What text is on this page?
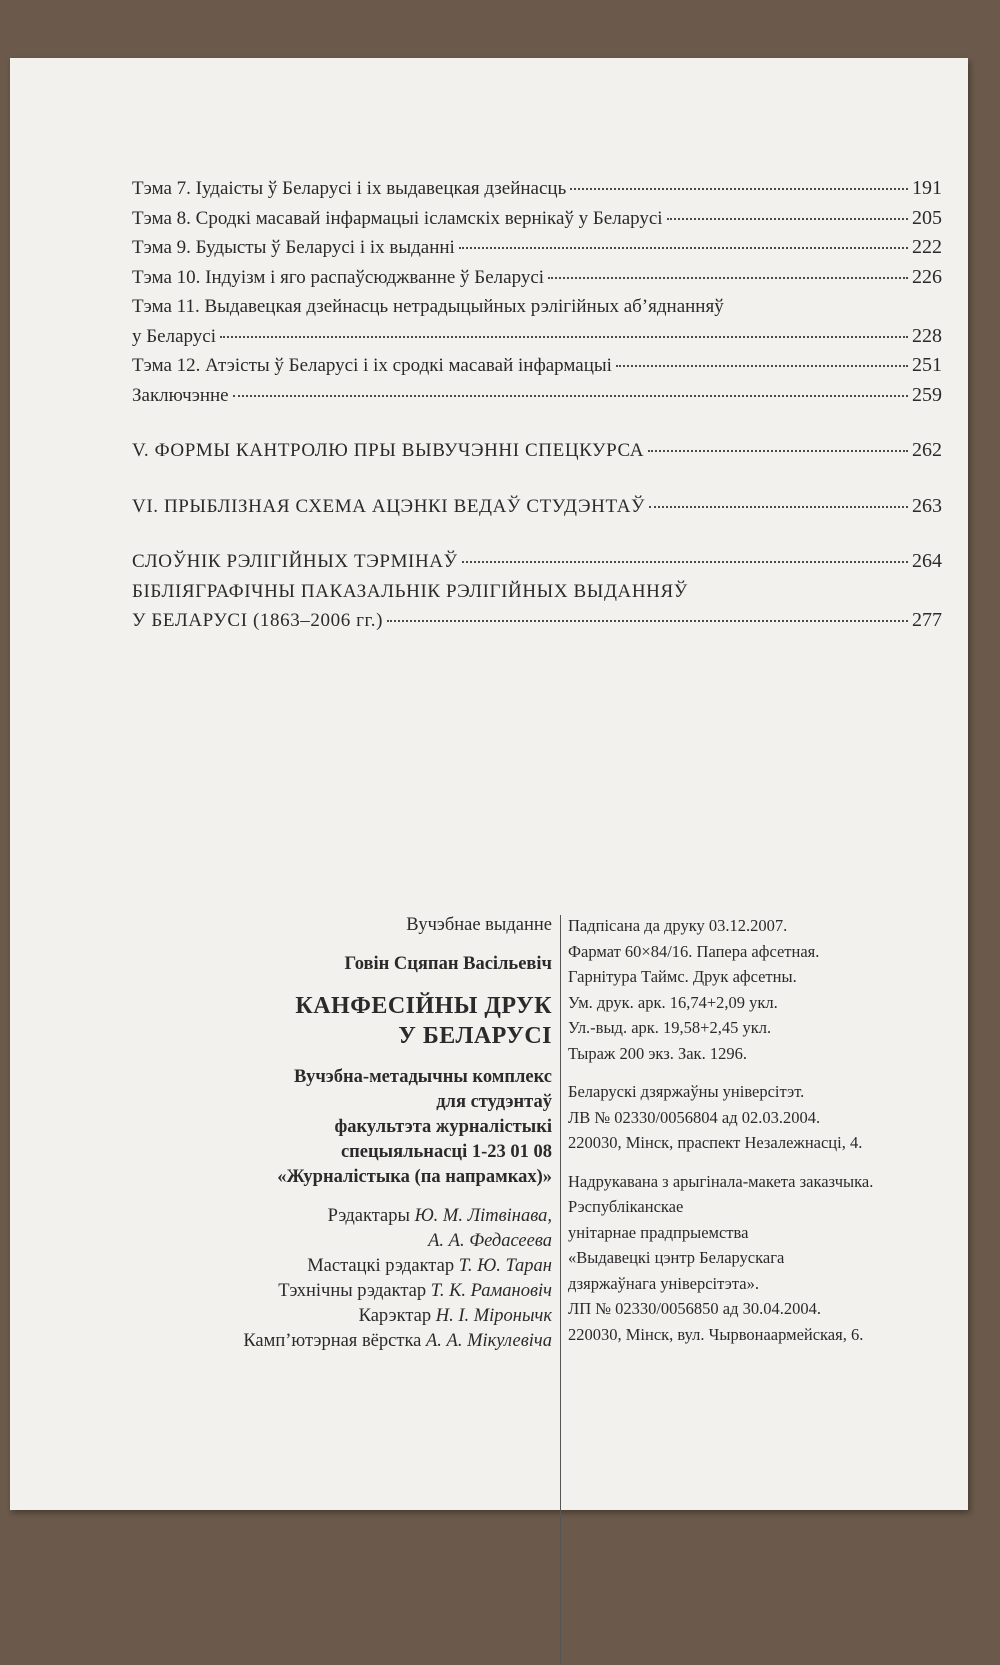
Тэма 7. Іудаісты ў Беларусі і іх выдавецкая дзейнасць	191
Тэма 8. Сродкі масавай інфармацыі ісламскіх вернікаў у Беларусі	205
Тэма 9. Будысты ў Беларусі і іх выданні	222
Тэма 10. Індуізм і яго распаўсюджванне ў Беларусі	226
Тэма 11. Выдавецкая дзейнасць нетрадыцыйных рэлігійных аб’яднанняў
у Беларусі	228
Тэма 12. Атэісты ў Беларусі і іх сродкі масавай інфармацыі	251
Заключэнне	259
V. ФОРМЫ КАНТРОЛЮ ПРЫ ВЫВУЧЭННІ СПЕЦКУРСА	262
VI. ПРЫБЛІЗНАЯ СХЕМА АЦЭНКІ ВЕДАЎ СТУДЭНТАЎ	263
СЛОЎНІК РЭЛІГІЙНЫХ ТЭРМІНАЎ	264
БІБЛІЯГРАФІЧНЫ ПАКАЗАЛЬНІК РЭЛІГІЙНЫХ ВЫДАННЯЎ
У БЕЛАРУСІ (1863–2006 гг.)	277
Вучэбнае выданне
Говін Сцяпан Васільевіч
КАНФЕСІЙНЫ ДРУК
У БЕЛАРУСІ
Вучэбна-метадычны комплекс
для студэнтаў
факультэта журналістыкі
спецыяльнасці 1-23 01 08
«Журналістыка (па напрамках)»
Рэдактары Ю. М. Літвінава,
А. А. Федасеева
Мастацкі рэдактар Т. Ю. Таран
Тэхнічны рэдактар Т. К. Рамановіч
Карэктар Н. І. Міронычк
Камп’ютэрная вёрстка А. А. Мікулевіча
Падпісана да друку 03.12.2007.
Фармат 60×84/16. Папера афсетная.
Гарнітура Таймс. Друк афсетны.
Ум. друк. арк. 16,74+2,09 укл.
Ул.-выд. арк. 19,58+2,45 укл.
Тыраж 200 экз. Зак. 1296.
Беларускі дзяржаўны універсітэт.
ЛВ № 02330/0056804 ад 02.03.2004.
220030, Мінск, праспект Незалежнасці, 4.
Надрукавана з арыгінала-макета заказчыка.
Рэспубліканскае
унітарнае прадпрыемства
«Выдавецкі цэнтр Беларускага
дзяржаўнага універсітэта».
ЛП № 02330/0056850 ад 30.04.2004.
220030, Мінск, вул. Чырвонаармейская, 6.
